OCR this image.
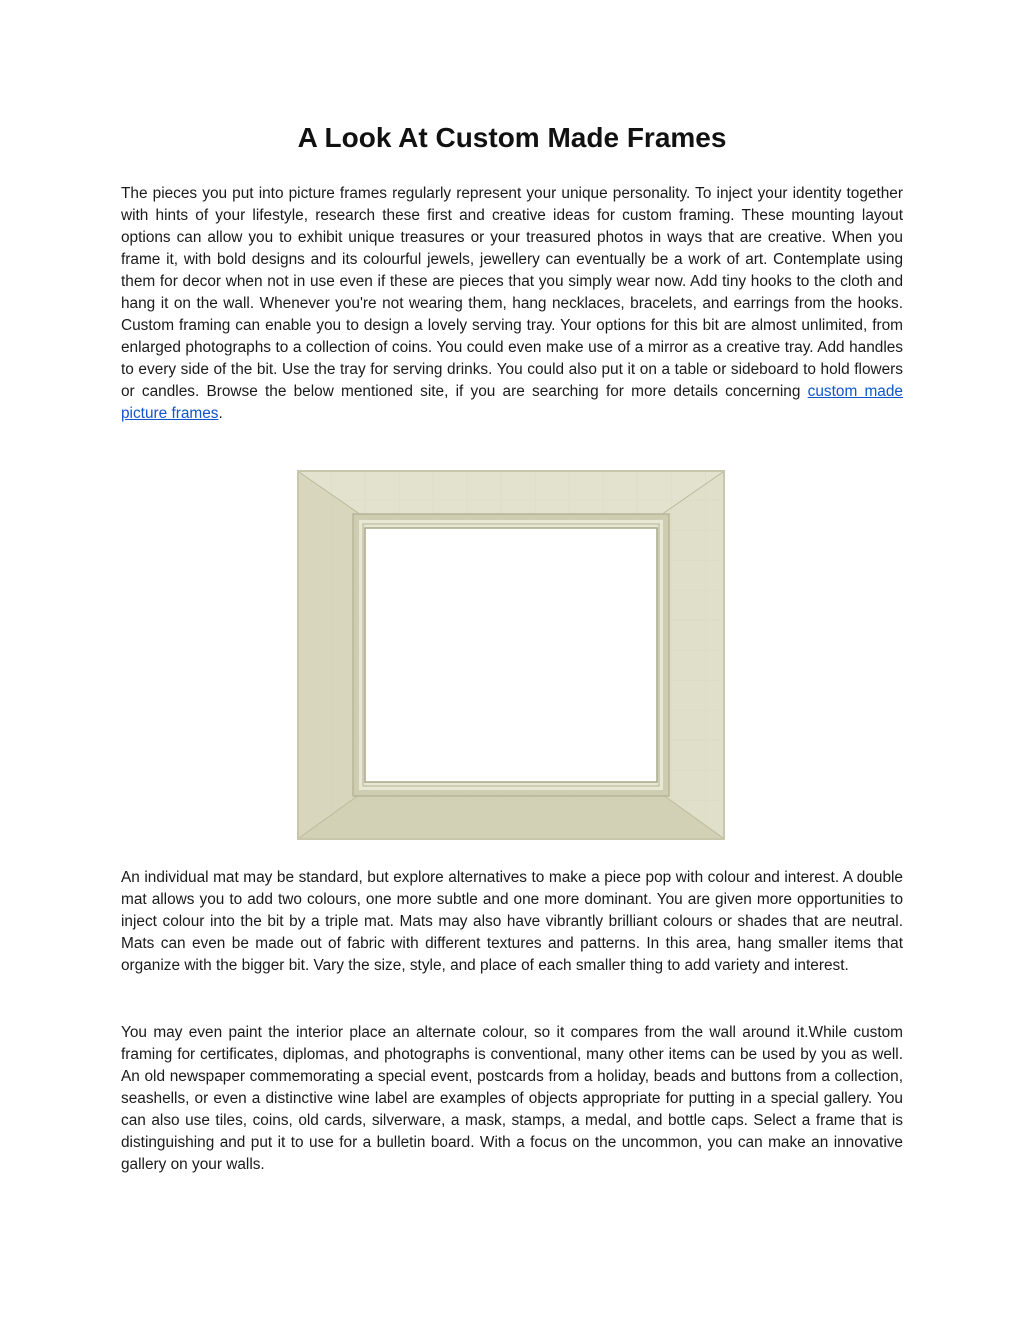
A Look At Custom Made Frames

The pieces you put into picture frames regularly represent your unique personality. To inject your identity together with hints of your lifestyle, research these first and creative ideas for custom framing. These mounting layout options can allow you to exhibit unique treasures or your treasured photos in ways that are creative. When you frame it, with bold designs and its colourful jewels, jewellery can eventually be a work of art. Contemplate using them for decor when not in use even if these are pieces that you simply wear now. Add tiny hooks to the cloth and hang it on the wall. Whenever you're not wearing them, hang necklaces, bracelets, and earrings from the hooks. Custom framing can enable you to design a lovely serving tray. Your options for this bit are almost unlimited, from enlarged photographs to a collection of coins. You could even make use of a mirror as a creative tray. Add handles to every side of the bit. Use the tray for serving drinks. You could also put it on a table or sideboard to hold flowers or candles. Browse the below mentioned site, if you are searching for more details concerning custom made picture frames.

An individual mat may be standard, but explore alternatives to make a piece pop with colour and interest. A double mat allows you to add two colours, one more subtle and one more dominant. You are given more opportunities to inject colour into the bit by a triple mat. Mats may also have vibrantly brilliant colours or shades that are neutral. Mats can even be made out of fabric with different textures and patterns. In this area, hang smaller items that organize with the bigger bit. Vary the size, style, and place of each smaller thing to add variety and interest.

You may even paint the interior place an alternate colour, so it compares from the wall around it.While custom framing for certificates, diplomas, and photographs is conventional, many other items can be used by you as well. An old newspaper commemorating a special event, postcards from a holiday, beads and buttons from a collection, seashells, or even a distinctive wine label are examples of objects appropriate for putting in a special gallery. You can also use tiles, coins, old cards, silverware, a mask, stamps, a medal, and bottle caps. Select a frame that is distinguishing and put it to use for a bulletin board. With a focus on the uncommon, you can make an innovative gallery on your walls.
